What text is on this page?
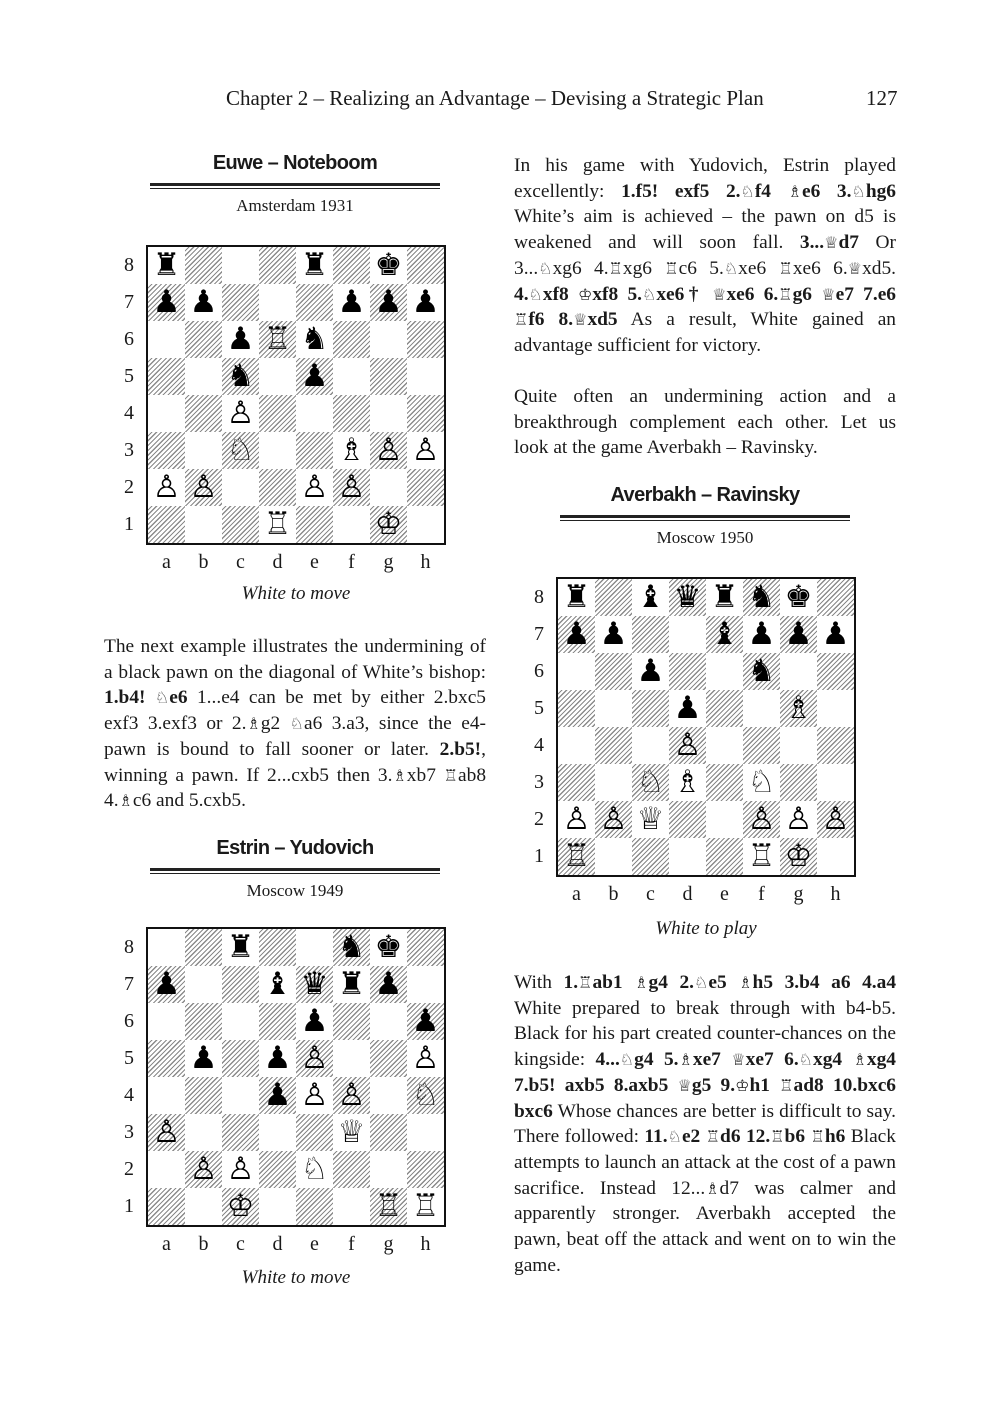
Chapter 2 – Realizing an Advantage – Devising a Strategic Plan	127
Euwe – Noteboom
Amsterdam 1931
♜	♜ ♚
♟ ♟	♟ ♟ ♟
♟ ♖ ♞
♞ ♟
♙
♘	♗ ♙ ♙
♙ ♙	♙ ♙
♖	♔
White to move
The next example illustrates the undermining of a black pawn on the diagonal of White’s bishop: 1.b4! ♘e6 1...e4 can be met by either 2.bxc5 exf3 3.exf3 or 2.♗g2 ♘a6 3.a3, since the e4-pawn is bound to fall sooner or later. 2.b5!, winning a pawn. If 2...cxb5 then 3.♗xb7 ♖ab8 4.♗c6 and 5.cxb5.
Estrin – Yudovich
Moscow 1949
♜	♞ ♚
♟	♝ ♛ ♜ ♟
♟	♟
♟ ♟ ♙	♙
♟ ♙ ♙ ♘
♙	♕
♙ ♙ ♘
♔	♖ ♖
White to move
In his game with Yudovich, Estrin played excellently: 1.f5! exf5 2.♘f4 ♗e6 3.♘hg6 White’s aim is achieved – the pawn on d5 is weakened and will soon fall. 3...♕d7 Or 3...♘xg6 4.♖xg6 ♖c6 5.♘xe6 ♖xe6 6.♕xd5. 4.♘xf8 ♔xf8 5.♘xe6† ♕xe6 6.♖g6 ♕e7 7.e6 ♖f6 8.♕xd5 As a result, White gained an advantage sufficient for victory.
Quite often an undermining action and a breakthrough complement each other. Let us look at the game Averbakh – Ravinsky.
Averbakh – Ravinsky
Moscow 1950
♜ ♝ ♛ ♜ ♞ ♚
♟ ♟	♝ ♟ ♟ ♟
♟	♞
♟	♗
♙
♘ ♗ ♘
♙ ♙ ♕	♙ ♙ ♙
♖	♖ ♔
White to play
With 1.♖ab1 ♗g4 2.♘e5 ♗h5 3.b4 a6 4.a4 White prepared to break through with b4-b5. Black for his part created counter-chances on the kingside: 4...♘g4 5.♗xe7 ♕xe7 6.♘xg4 ♗xg4 7.b5! axb5 8.axb5 ♕g5 9.♔h1 ♖ad8 10.bxc6 bxc6 Whose chances are better is difficult to say. There followed: 11.♘e2 ♖d6 12.♖b6 ♖h6 Black attempts to launch an attack at the cost of a pawn sacrifice. Instead 12...♗d7 was calmer and apparently stronger. Averbakh accepted the pawn, beat off the attack and went on to win the game.
8
7
6
5
4
3
2
1
a	b	c	d	e	f	g	h
8
7
6
5
4
3
2
1
a	b	c	d	e	f	g	h
8
7
6
5
4
3
2
1
a	b	c	d	e	f	g	h
